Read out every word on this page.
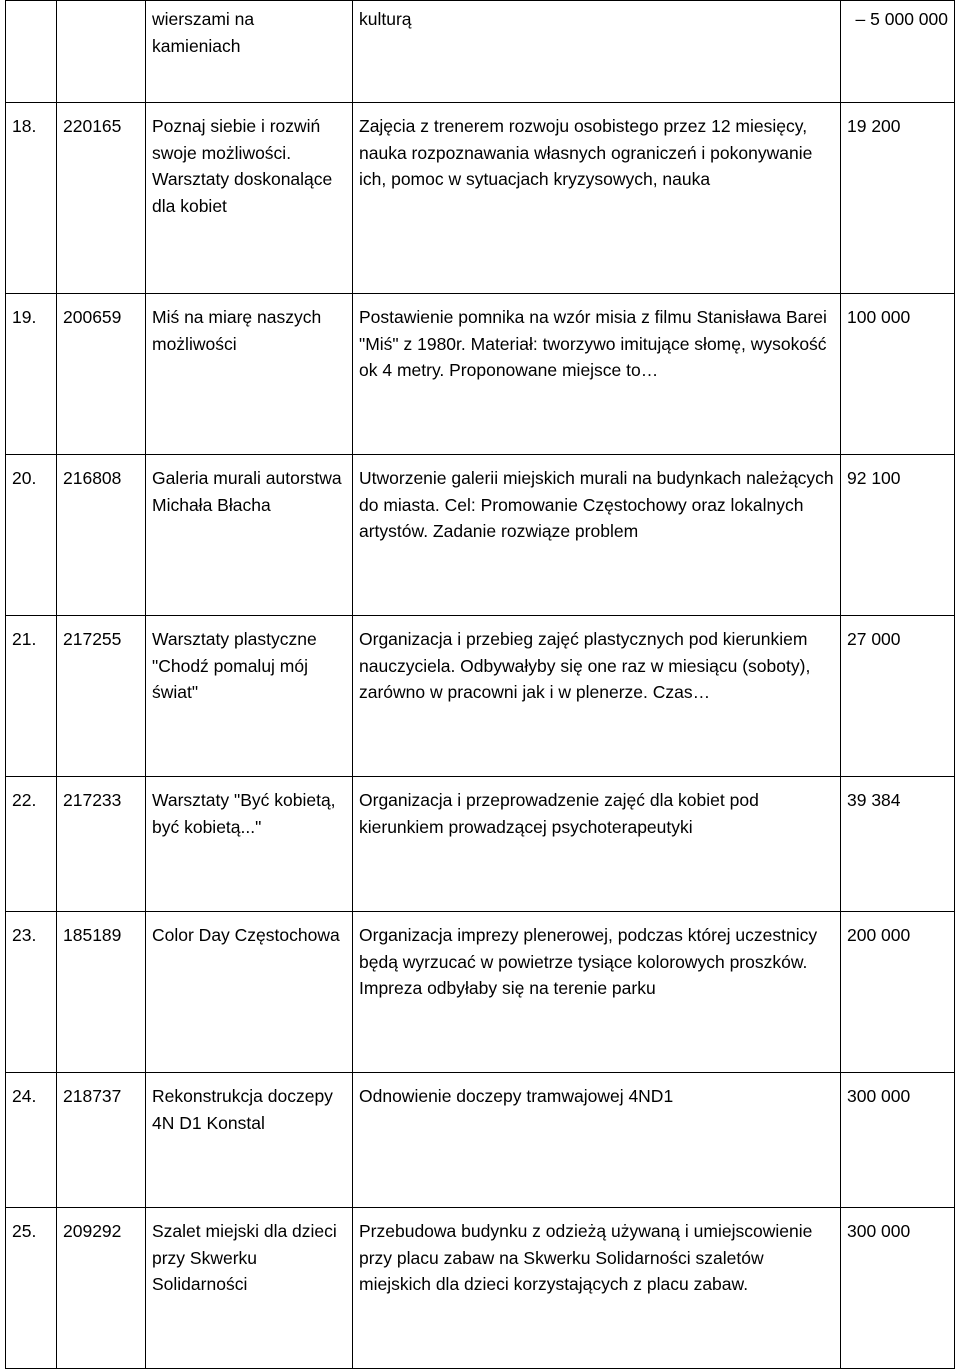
		wierszami na kamieniach	kulturą	– 5 000 000
18.	220165	Poznaj siebie i rozwiń swoje możliwości. Warsztaty doskonalące dla kobiet	Zajęcia z trenerem rozwoju osobistego przez 12 miesięcy, nauka rozpoznawania własnych ograniczeń i pokonywanie ich, pomoc w sytuacjach kryzysowych, nauka	19 200
19.	200659	Miś na miarę naszych możliwości	Postawienie pomnika na wzór misia z filmu Stanisława Barei "Miś" z 1980r. Materiał: tworzywo imitujące słomę, wysokość ok 4 metry. Proponowane miejsce to…	100 000
20.	216808	Galeria murali autorstwa Michała Błacha	Utworzenie galerii miejskich murali na budynkach należących do miasta. Cel: Promowanie Częstochowy oraz lokalnych artystów. Zadanie rozwiąze problem	92 100
21.	217255	Warsztaty plastyczne "Chodź pomaluj mój świat"	Organizacja i przebieg zajęć plastycznych pod kierunkiem nauczyciela. Odbywałyby się one raz w miesiącu (soboty), zarówno w pracowni jak i w plenerze. Czas…	27 000
22.	217233	Warsztaty "Być kobietą, być kobietą..."	Organizacja i przeprowadzenie zajęć dla kobiet pod kierunkiem prowadzącej psychoterapeutyki	39 384
23.	185189	Color Day Częstochowa	Organizacja imprezy plenerowej, podczas której uczestnicy będą wyrzucać w powietrze tysiące kolorowych proszków. Impreza odbyłaby się na terenie parku	200 000
24.	218737	Rekonstrukcja doczepy 4N D1 Konstal	Odnowienie doczepy tramwajowej 4ND1	300 000
25.	209292	Szalet miejski dla dzieci przy Skwerku Solidarności	Przebudowa budynku z odzieżą używaną i umiejscowienie przy placu zabaw na Skwerku Solidarności szaletów miejskich dla dzieci korzystających z placu zabaw.	300 000
